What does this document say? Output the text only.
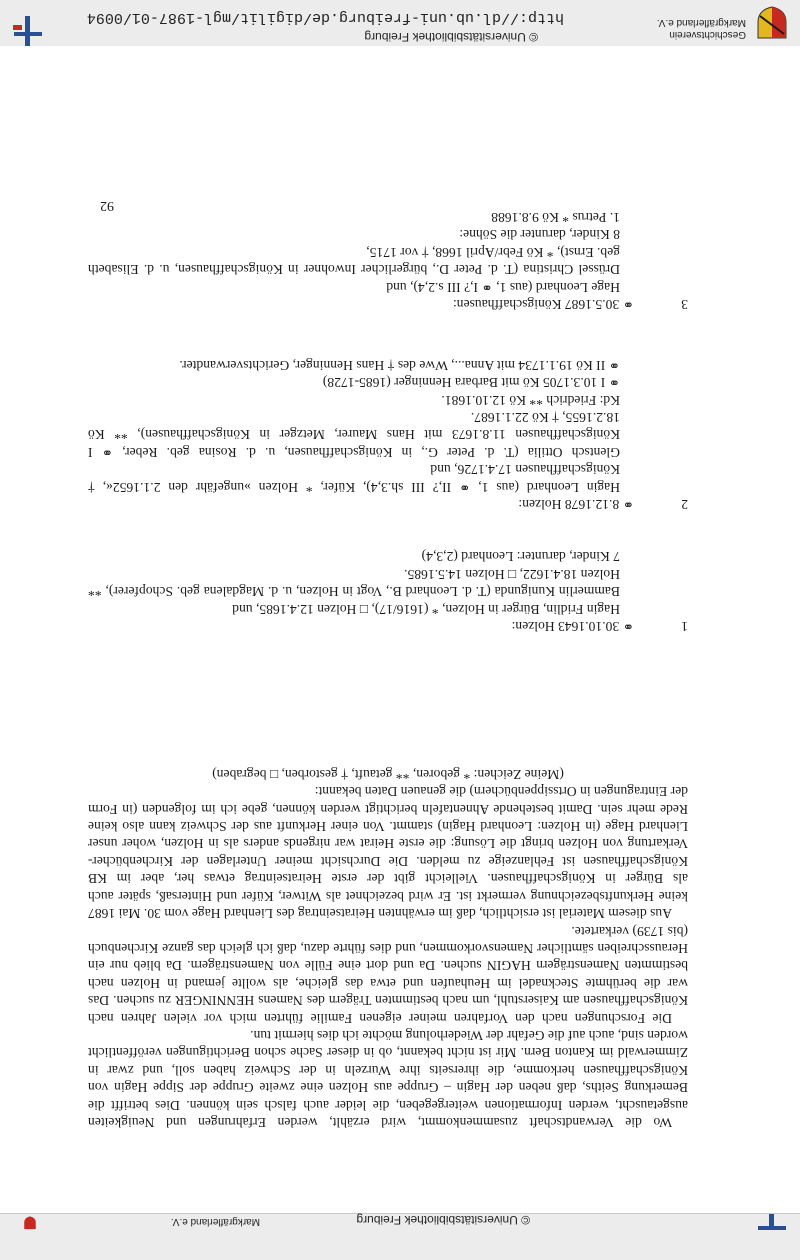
Geschichtsverein
Markgräflerland e.V.
© Universitätsbibliothek Freiburg
http://dl.ub.uni-freiburg.de/digilit/mgl-1987-01/0094

Wo die Verwandtschaft zusammenkommt, wird erzählt, werden Erfahrungen und Neuigkeiten ausgetauscht, werden Informationen weitergegeben, die leider auch falsch sein können. Dies betrifft die Bemerkung Seiths, daß neben der Hagin – Gruppe aus Holzen eine zweite Gruppe der Sippe Hagin von Königschaffhausen herkomme, die ihrerseits ihre Wurzeln in der Schweiz haben soll, und zwar in Zimmerwald im Kanton Bern. Mir ist nicht bekannt, ob in dieser Sache schon Berichtigungen veröffentlicht worden sind, auch auf die Gefahr der Wiederholung möchte ich dies hiermit tun.

Die Forschungen nach den Vorfahren meiner eigenen Familie führten mich vor vielen Jahren nach Königschaffhausen am Kaiserstuhl, um nach bestimmten Trägern des Namens HENNINGER zu suchen. Das war die berühmte Stecknadel im Heuhaufen und etwa das gleiche, als wollte jemand in Holzen nach bestimmten Namensträgern HAGIN suchen. Da und dort eine Fülle von Namensträgern. Da blieb nur ein Herausschreiben sämtlicher Namensvorkommen, und dies führte dazu, daß ich gleich das ganze Kirchenbuch (bis 1739) verkartete.

Aus diesem Material ist ersichtlich, daß im erwähnten Heiratseintrag des Lienhard Hage vom 30. Mai 1687 keine Herkunftsbezeichnung vermerkt ist. Er wird bezeichnet als Witwer, Küfer und Hintersaß, später auch als Bürger in Königschaffhausen. Vielleicht gibt der erste Heiratseintrag etwas her, aber im KB Königschaffhausen ist Fehlanzeige zu melden. Die Durchsicht meiner Unterlagen der Kirchenbücher-Verkartung von Holzen bringt die Lösung: die erste Heirat war nirgends anders als in Holzen, woher unser Lienhard Hage (in Holzen: Leonhard Hagin) stammt. Von einer Herkunft aus der Schweiz kann also keine Rede mehr sein. Damit bestehende Ahnentafeln berichtigt werden können, gebe ich im folgenden (in Form der Eintragungen in Ortssippenbüchern) die genauen Daten bekannt:

(Meine Zeichen: * geboren, ** getauft, † gestorben, □ begraben)

1
⚭ 30.10.1643 Holzen:
Hagin Fridlin, Bürger in Holzen, * (1616/17), □ Holzen 12.4.1685, und
Bammerlin Kunigunda (T. d. Leonhard B., Vogt in Holzen, u. d. Magdalena geb. Schopferer), ** Holzen 18.4.1622, □ Holzen 14.5.1685.
7 Kinder, darunter: Leonhard (2,3,4)
2
⚭ 8.12.1678 Holzen:
Hagin Leonhard (aus 1, ⚭ II,? III sh.3,4), Küfer, * Holzen »ungefähr den 2.1.1652«, † Königschaffhausen 17.4.1726, und
Glentsch Ottilia (T. d. Peter G., in Königschaffhausen, u. d. Rosina geb. Reber, ⚭ I Königschaffhausen 11.8.1673 mit Hans Maurer, Metzger in Königschaffhausen), ** Kö 18.2.1655, † Kö 22.1.1687.
Kd: Friedrich ** Kö 12.10.1681.
⚭ I 10.3.1705 Kö mit Barbara Henninger (1685-1728)
⚭ II Kö 19.1.1734 mit Anna..., Wwe des † Hans Henninger, Gerichtsverwandter.
3
⚭ 30.5.1687 Königschaffhausen:
Hage Leonhard (aus 1, ⚭ I,? III s.2,4), und
Drüssel Christina (T. d. Peter D., bürgerlicher Inwohner in Königschaffhausen, u. d. Elisabeth geb. Ernst), * Kö Febr/April 1668, † vor 1715,
8 Kinder, darunter die Söhne:
1. Petrus * Kö 9.8.1688
92
© Universitätsbibliothek Freiburg
Markgräflerland e.V.
